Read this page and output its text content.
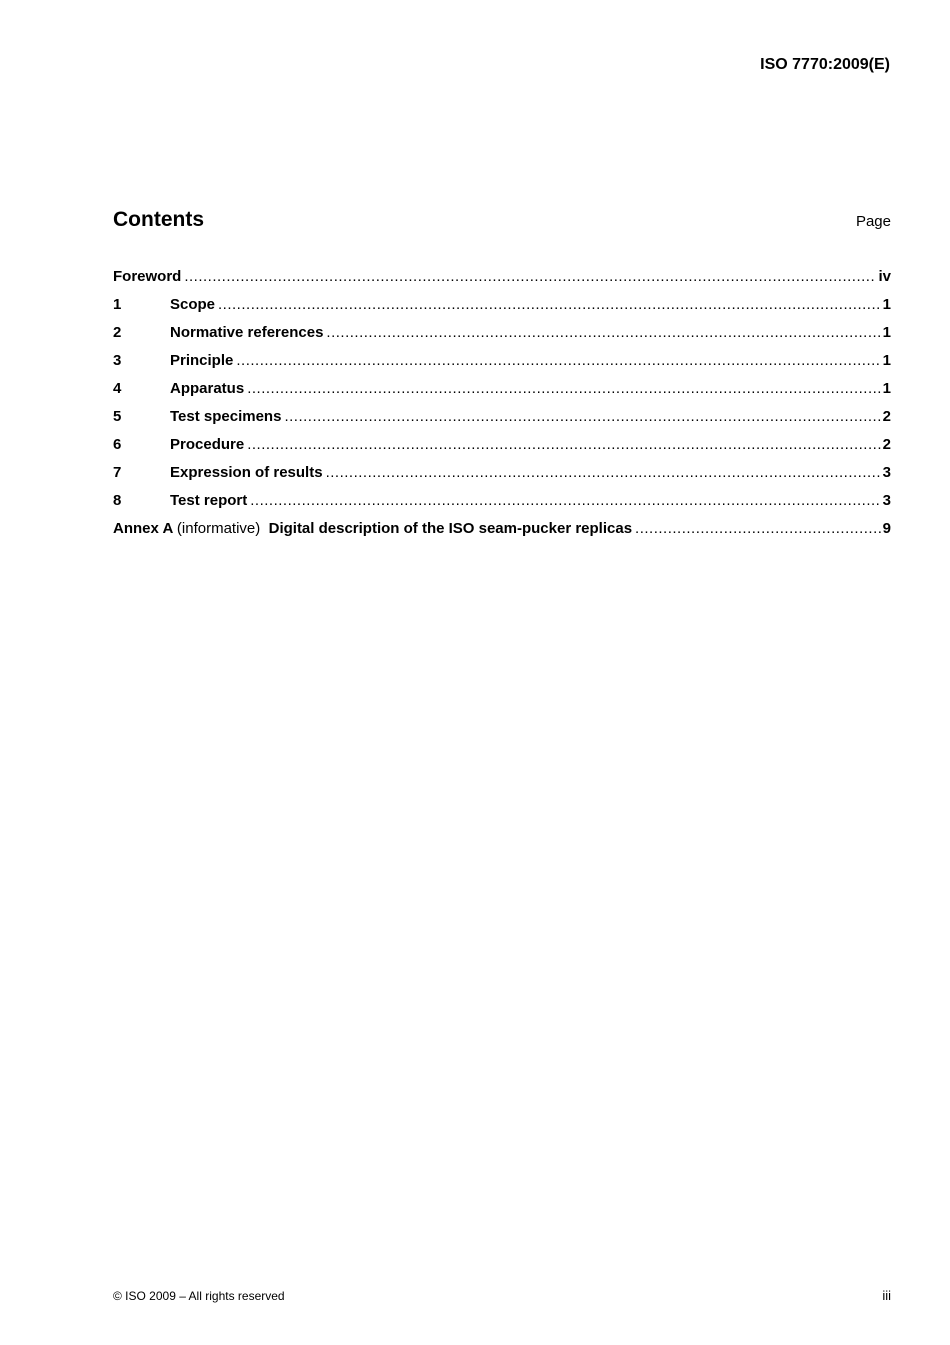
ISO 7770:2009(E)

Contents	Page
Foreword .....	iv
1	Scope .....	1
2	Normative references .....	1
3	Principle .....	1
4	Apparatus .....	1
5	Test specimens .....	2
6	Procedure .....	2
7	Expression of results .....	3
8	Test report .....	3
Annex A (informative) Digital description of the ISO seam-pucker replicas .....	9
© ISO 2009 – All rights reserved	iii
